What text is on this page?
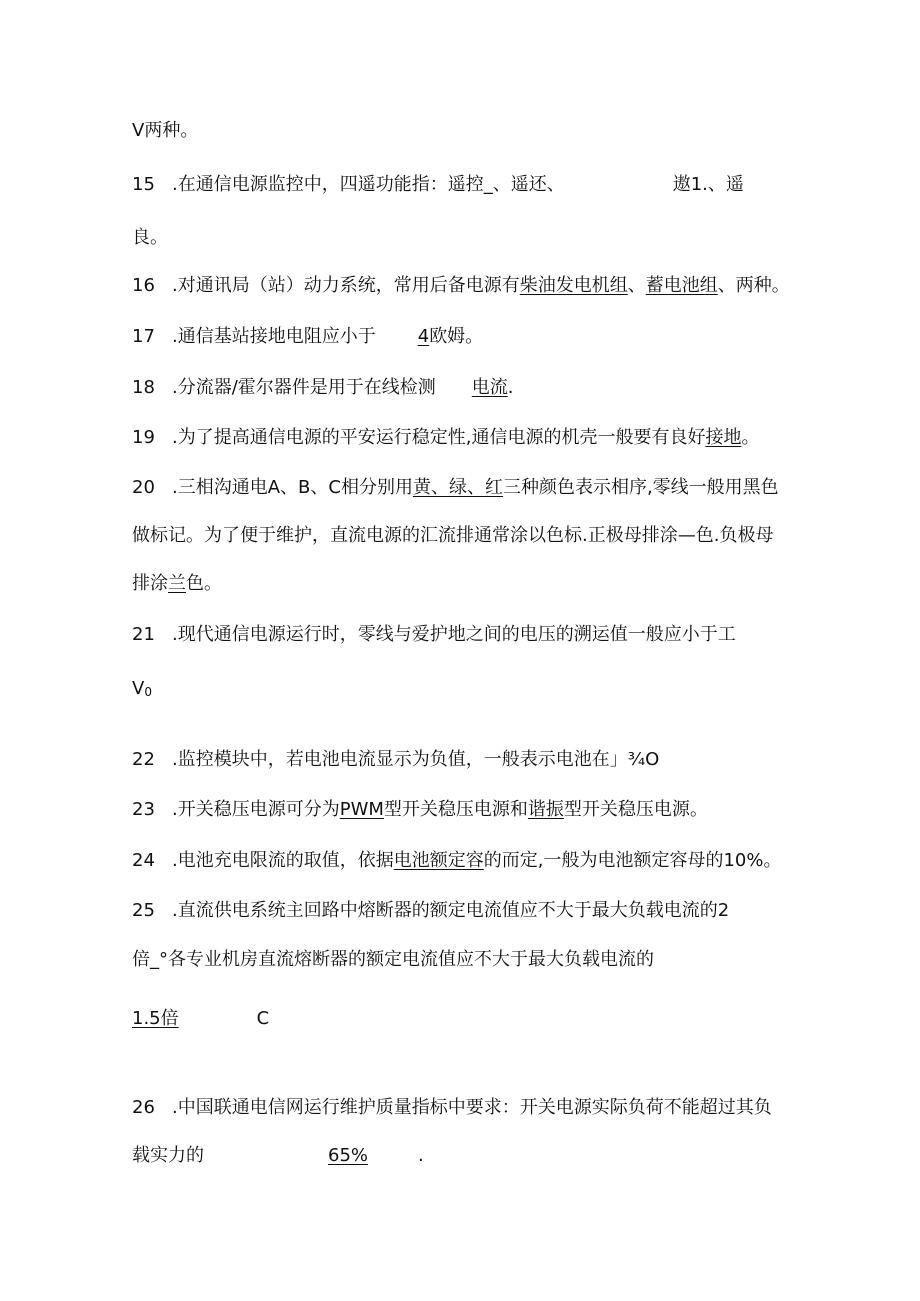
V两种。
15 .在通信电源监控中，四遥功能指：遥控_、遥还、	遨1.、遥
良。
16 .对通讯局（站）动力系统，常用后备电源有柴油发电机组、蓄电池组、两种。
17 .通信基站接地电阻应小于 4欧姆。
18 .分流器/霍尔器件是用于在线检测 电流.
19 .为了提高通信电源的平安运行稳定性,通信电源的机壳一般要有良好接地。
20 .三相沟通电A、B、C相分别用黄、绿、红三种颜色表示相序,零线一般用黑色
做标记。为了便于维护，直流电源的汇流排通常涂以色标.正极母排涂—色.负极母
排涂兰色。
21 .现代通信电源运行时，零线与爱护地之间的电压的溯运值一般应小于工
V0
22 .监控模块中，若电池电流显示为负值，一般表示电池在」¾O
23 .开关稳压电源可分为PWM型开关稳压电源和谐振型开关稳压电源。
24 .电池充电限流的取值，依据电池额定容的而定,一般为电池额定容母的10%。
25 .直流供电系统主回路中熔断器的额定电流值应不大于最大负载电流的2
倍_°各专业机房直流熔断器的额定电流值应不大于最大负载电流的
1.5倍	C
26 .中国联通电信网运行维护质量指标中要求：开关电源实际负荷不能超过其负
载实力的	65%	.
